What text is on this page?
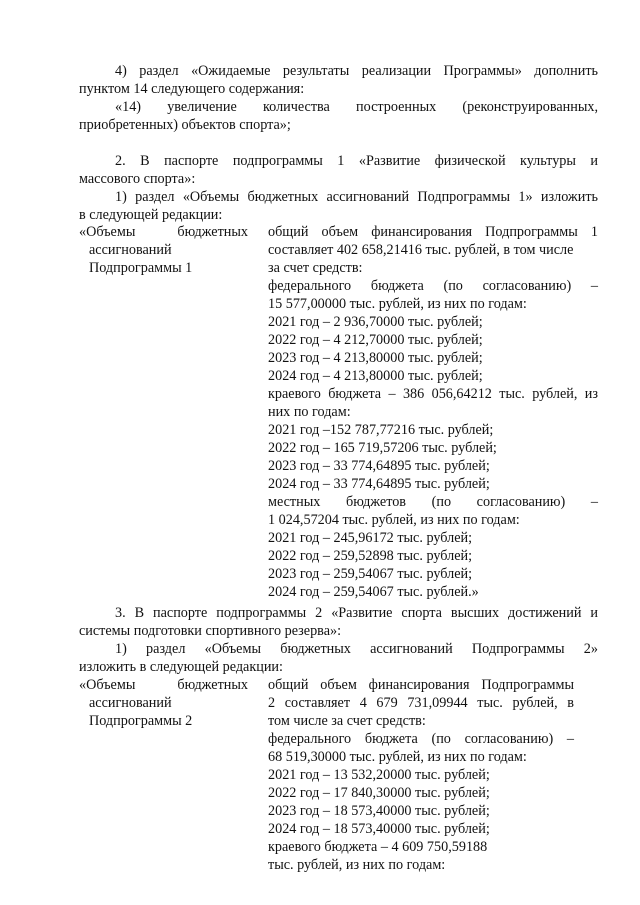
4) раздел «Ожидаемые результаты реализации Программы» дополнить
пунктом 14 следующего содержания:
«14) увеличение количества построенных (реконструированных,
приобретенных) объектов спорта»;
2. В паспорте подпрограммы 1 «Развитие физической культуры и
массового спорта»:
1) раздел «Объемы бюджетных ассигнований Подпрограммы 1» изложить
в следующей редакции:
«Объемы бюджетных
ассигнований
Подпрограммы 1
общий объем финансирования Подпрограммы 1
составляет 402 658,21416 тыс. рублей, в том числе
за счет средств:
федерального бюджета (по согласованию) –
15 577,00000 тыс. рублей, из них по годам:
2021 год – 2 936,70000 тыс. рублей;
2022 год – 4 212,70000 тыс. рублей;
2023 год – 4 213,80000 тыс. рублей;
2024 год – 4 213,80000 тыс. рублей;
краевого бюджета – 386 056,64212 тыс. рублей, из
них по годам:
2021 год –152 787,77216 тыс. рублей;
2022 год – 165 719,57206 тыс. рублей;
2023 год – 33 774,64895 тыс. рублей;
2024 год – 33 774,64895 тыс. рублей;
местных бюджетов (по согласованию) –
1 024,57204 тыс. рублей, из них по годам:
2021 год – 245,96172 тыс. рублей;
2022 год – 259,52898 тыс. рублей;
2023 год – 259,54067 тыс. рублей;
2024 год – 259,54067 тыс. рублей.»
3. В паспорте подпрограммы 2 «Развитие спорта высших достижений и
системы подготовки спортивного резерва»:
1) раздел «Объемы бюджетных ассигнований Подпрограммы 2»
изложить в следующей редакции:
«Объемы бюджетных
ассигнований
Подпрограммы 2
общий объем финансирования Подпрограммы
2 составляет 4 679 731,09944 тыс. рублей, в
том числе за счет средств:
федерального бюджета (по согласованию) –
68 519,30000 тыс. рублей, из них по годам:
2021 год – 13 532,20000 тыс. рублей;
2022 год – 17 840,30000 тыс. рублей;
2023 год – 18 573,40000 тыс. рублей;
2024 год – 18 573,40000 тыс. рублей;
краевого бюджета – 4 609 750,59188
тыс. рублей, из них по годам:
